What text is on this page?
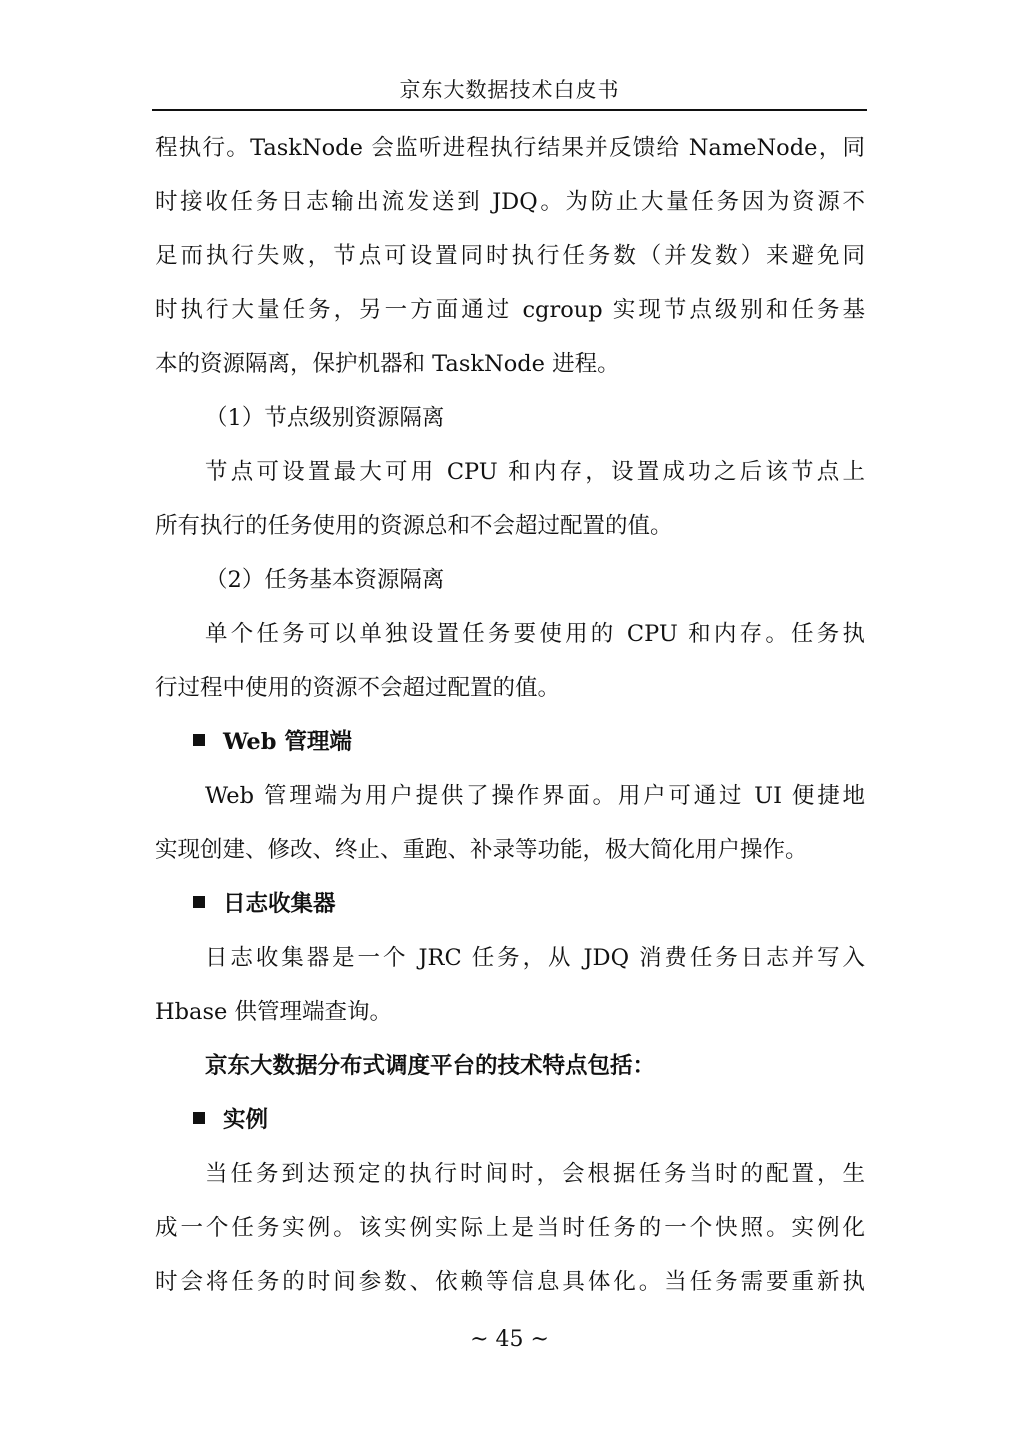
京东大数据技术白皮书
程执行。TaskNode 会监听进程执行结果并反馈给 NameNode，同
时接收任务日志输出流发送到 JDQ。为防止大量任务因为资源不
足而执行失败，节点可设置同时执行任务数（并发数）来避免同
时执行大量任务，另一方面通过 cgroup 实现节点级别和任务基
本的资源隔离，保护机器和 TaskNode 进程。
（1）节点级别资源隔离
节点可设置最大可用 CPU 和内存，设置成功之后该节点上
所有执行的任务使用的资源总和不会超过配置的值。
（2）任务基本资源隔离
单个任务可以单独设置任务要使用的 CPU 和内存。任务执
行过程中使用的资源不会超过配置的值。
Web 管理端
Web 管理端为用户提供了操作界面。用户可通过 UI 便捷地
实现创建、修改、终止、重跑、补录等功能，极大简化用户操作。
日志收集器
日志收集器是一个 JRC 任务，从 JDQ 消费任务日志并写入
Hbase 供管理端查询。
京东大数据分布式调度平台的技术特点包括：
实例
当任务到达预定的执行时间时，会根据任务当时的配置，生
成一个任务实例。该实例实际上是当时任务的一个快照。实例化
时会将任务的时间参数、依赖等信息具体化。当任务需要重新执
~ 45 ~
